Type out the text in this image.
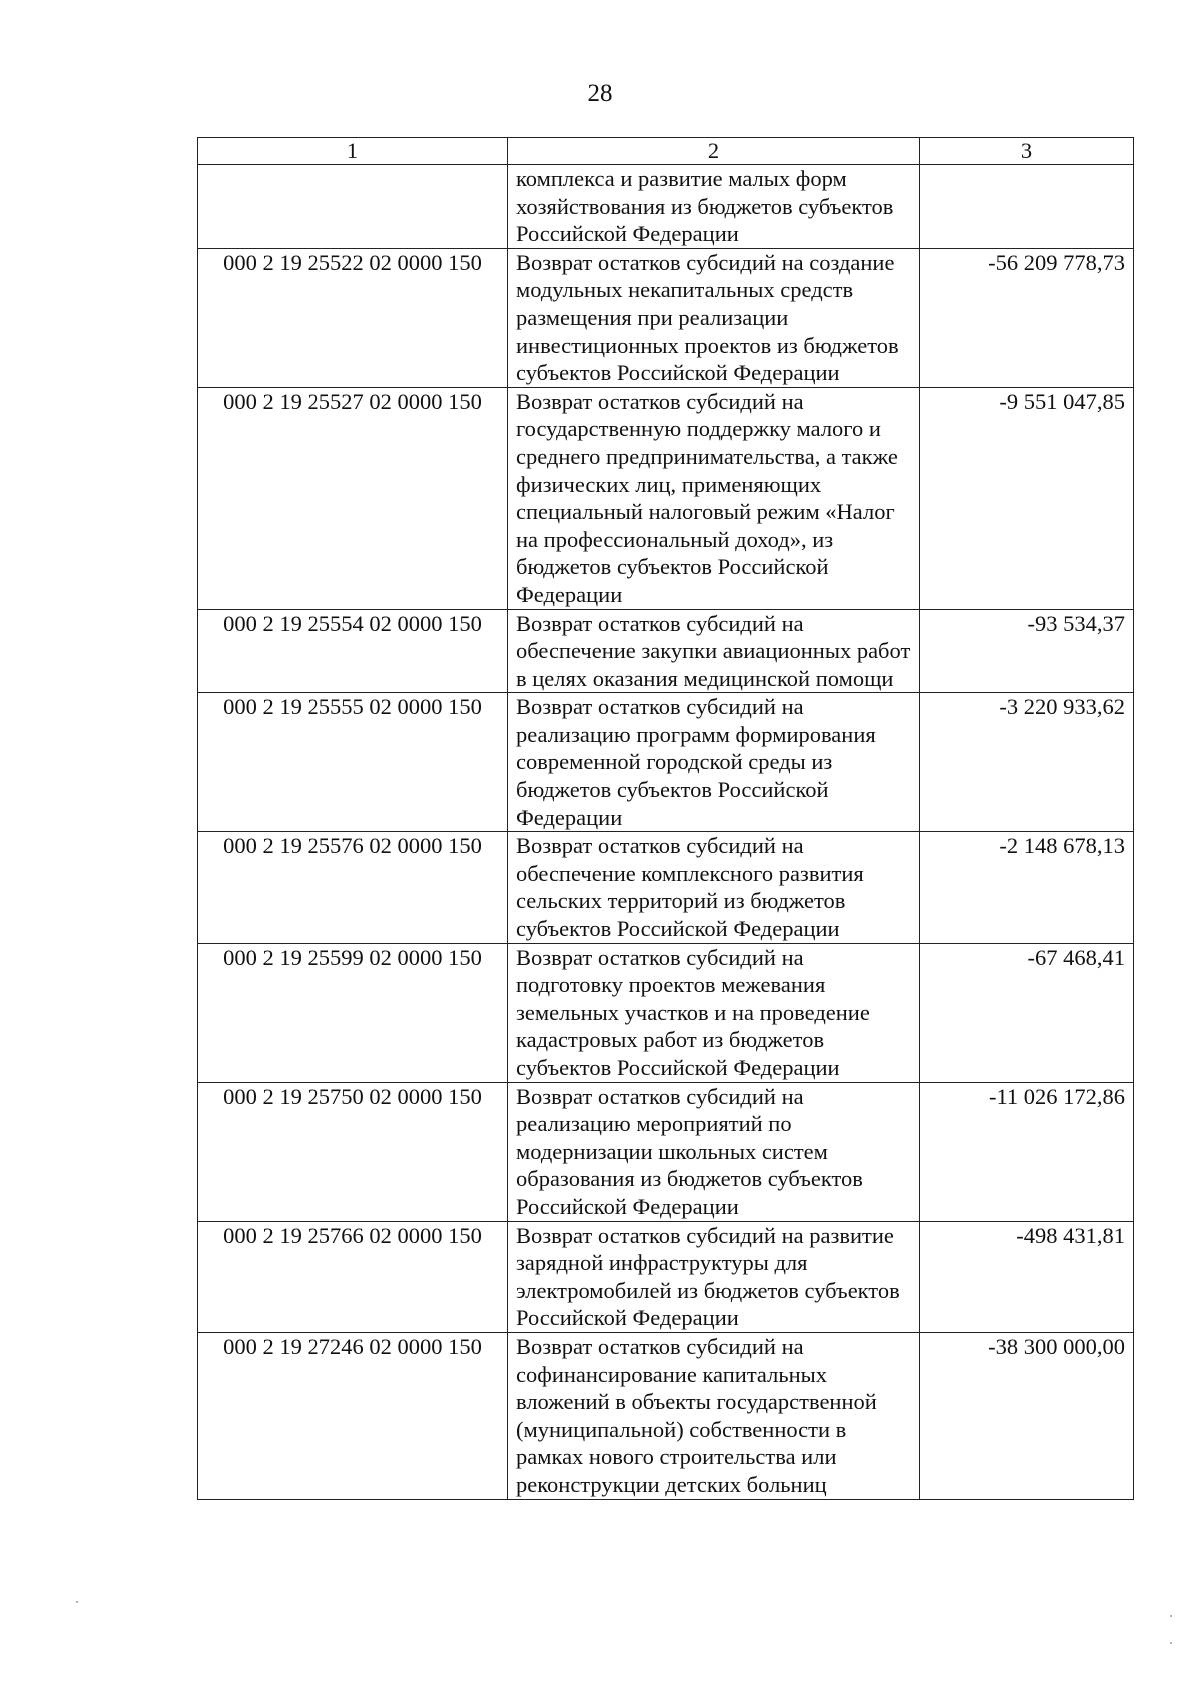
28
1	2	3
	комплекса и развитие малых форм хозяйствования из бюджетов субъектов Российской Федерации	
000 2 19 25522 02 0000 150	Возврат остатков субсидий на создание модульных некапитальных средств размещения при реализации инвестиционных проектов из бюджетов субъектов Российской Федерации	-56 209 778,73
000 2 19 25527 02 0000 150	Возврат остатков субсидий на государственную поддержку малого и среднего предпринимательства, а также физических лиц, применяющих специальный налоговый режим «Налог на профессиональный доход», из бюджетов субъектов Российской Федерации	-9 551 047,85
000 2 19 25554 02 0000 150	Возврат остатков субсидий на обеспечение закупки авиационных работ в целях оказания медицинской помощи	-93 534,37
000 2 19 25555 02 0000 150	Возврат остатков субсидий на реализацию программ формирования современной городской среды из бюджетов субъектов Российской Федерации	-3 220 933,62
000 2 19 25576 02 0000 150	Возврат остатков субсидий на обеспечение комплексного развития сельских территорий из бюджетов субъектов Российской Федерации	-2 148 678,13
000 2 19 25599 02 0000 150	Возврат остатков субсидий на подготовку проектов межевания земельных участков и на проведение кадастровых работ из бюджетов субъектов Российской Федерации	-67 468,41
000 2 19 25750 02 0000 150	Возврат остатков субсидий на реализацию мероприятий по модернизации школьных систем образования из бюджетов субъектов Российской Федерации	-11 026 172,86
000 2 19 25766 02 0000 150	Возврат остатков субсидий на развитие зарядной инфраструктуры для электромобилей из бюджетов субъектов Российской Федерации	-498 431,81
000 2 19 27246 02 0000 150	Возврат остатков субсидий на софинансирование капитальных вложений в объекты государственной (муниципальной) собственности в рамках нового строительства или реконструкции детских больниц	-38 300 000,00
